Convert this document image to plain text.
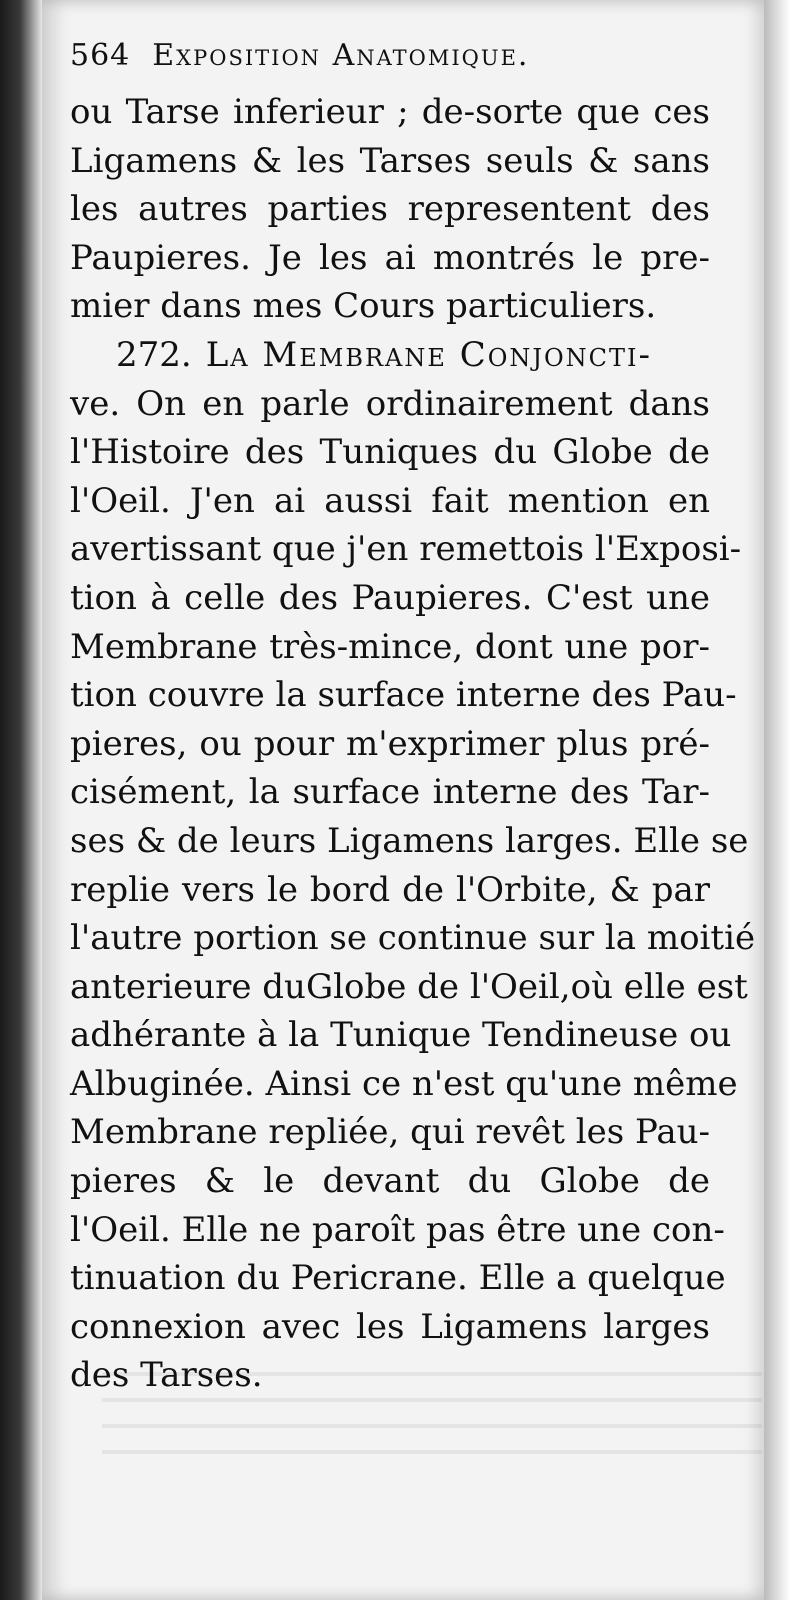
564 Exposition Anatomique.
ou Tarse inferieur ; de-sorte que ces
Ligamens & les Tarses seuls & sans
les autres parties representent des
Paupieres. Je les ai montrés le pre-
mier dans mes Cours particuliers.
272. La Membrane Conjoncti-
ve. On en parle ordinairement dans
l'Histoire des Tuniques du Globe de
l'Oeil. J'en ai aussi fait mention en
avertissant que j'en remettois l'Exposi-
tion à celle des Paupieres. C'est une
Membrane très-mince, dont une por-
tion couvre la surface interne des Pau-
pieres, ou pour m'exprimer plus pré-
cisément, la surface interne des Tar-
ses & de leurs Ligamens larges. Elle se
replie vers le bord de l'Orbite, & par
l'autre portion se continue sur la moitié
anterieure duGlobe de l'Oeil,où elle est
adhérante à la Tunique Tendineuse ou
Albuginée. Ainsi ce n'est qu'une même
Membrane repliée, qui revêt les Pau-
pieres & le devant du Globe de
l'Oeil. Elle ne paroît pas être une con-
tinuation du Pericrane. Elle a quelque
connexion avec les Ligamens larges
des Tarses.
